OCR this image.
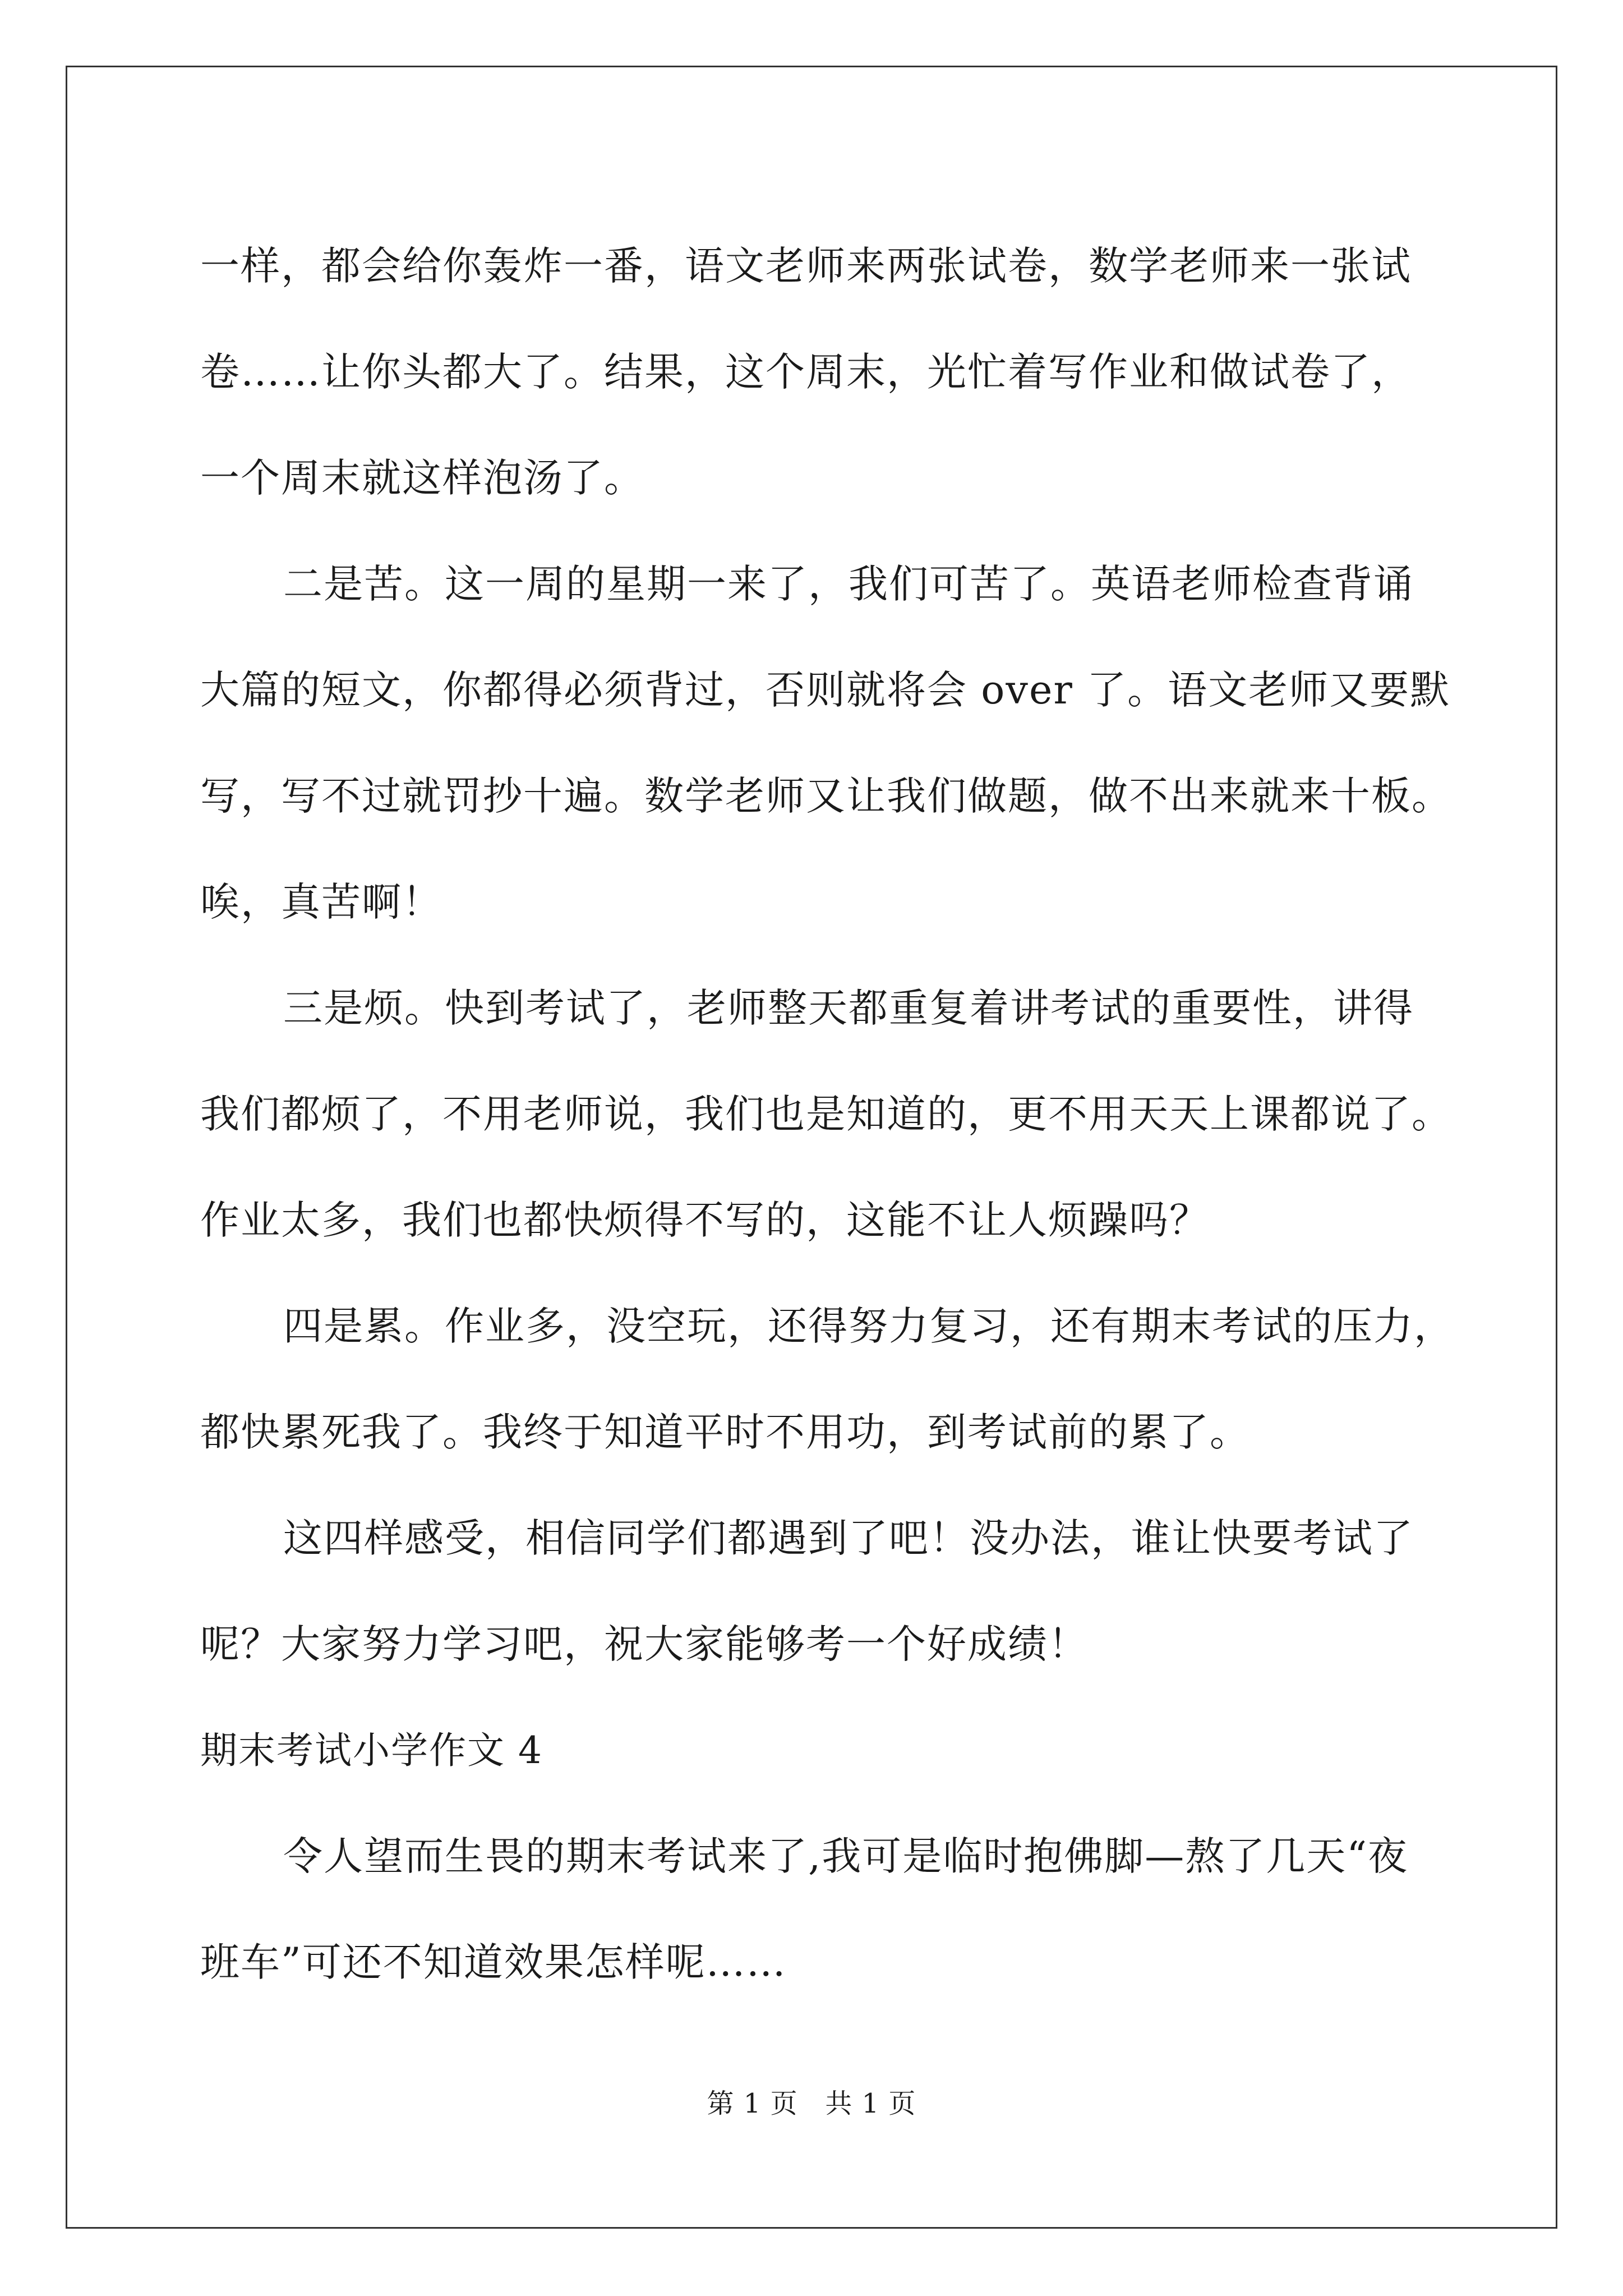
一样，都会给你轰炸一番，语文老师来两张试卷，数学老师来一张试
卷……让你头都大了。结果，这个周末，光忙着写作业和做试卷了，
一个周末就这样泡汤了。
二是苦。这一周的星期一来了，我们可苦了。英语老师检查背诵
大篇的短文，你都得必须背过，否则就将会 over 了。语文老师又要默
写，写不过就罚抄十遍。数学老师又让我们做题，做不出来就来十板。
唉，真苦啊！
三是烦。快到考试了，老师整天都重复着讲考试的重要性，讲得
我们都烦了，不用老师说，我们也是知道的，更不用天天上课都说了。
作业太多，我们也都快烦得不写的，这能不让人烦躁吗？
四是累。作业多，没空玩，还得努力复习，还有期末考试的压力，
都快累死我了。我终于知道平时不用功，到考试前的累了。
这四样感受，相信同学们都遇到了吧！没办法，谁让快要考试了
呢？大家努力学习吧，祝大家能够考一个好成绩！
期末考试小学作文 4
令人望而生畏的期末考试来了,我可是临时抱佛脚—熬了几天“夜
班车”可还不知道效果怎样呢……
第 1 页   共 1 页
